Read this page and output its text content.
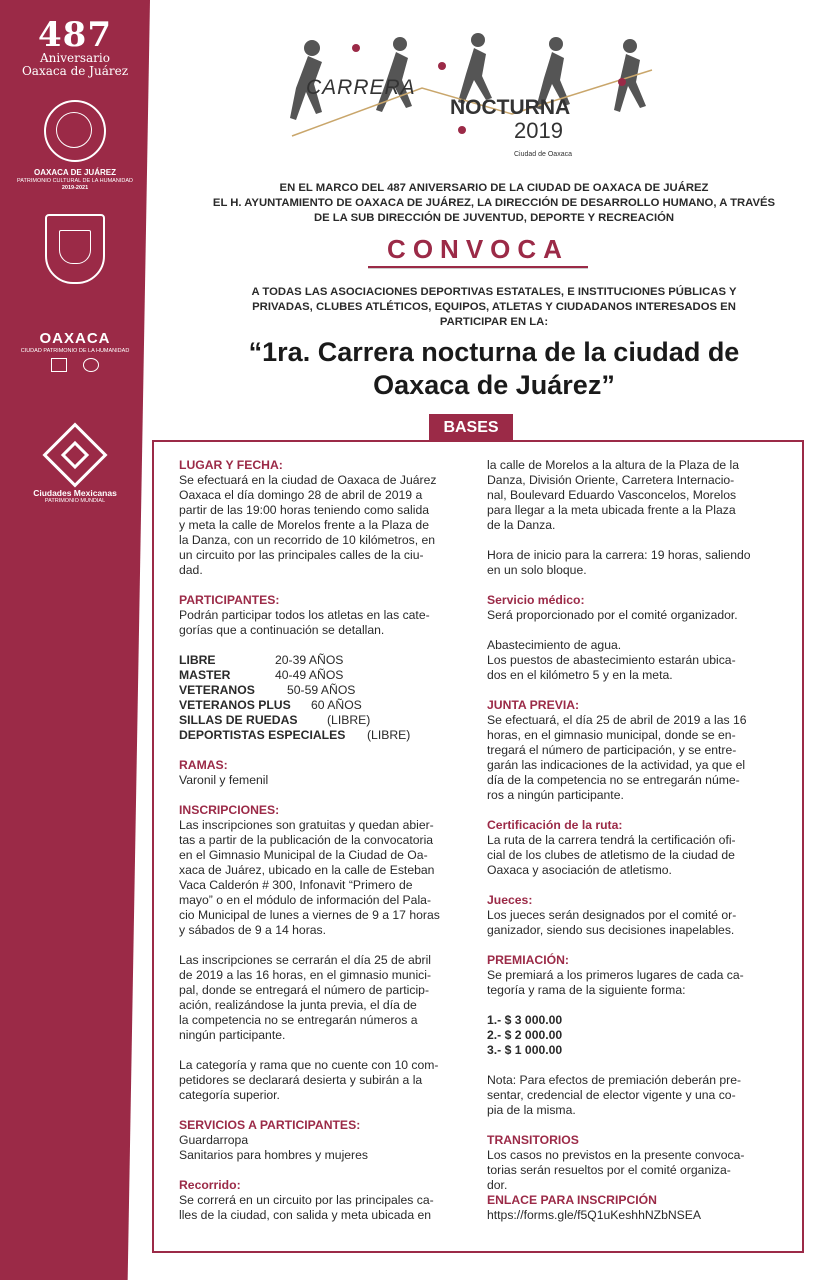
487
Aniversario
Oaxaca de Juárez
OAXACA DE JUÁREZ
PATRIMONIO CULTURAL DE LA HUMANIDAD
2019-2021
OAXACA
CIUDAD PATRIMONIO DE LA HUMANIDAD

Ciudades Mexicanas
PATRIMONIO MUNDIAL
CARRERA
NOCTURNA
2019
Ciudad de Oaxaca
EN EL MARCO DEL 487 ANIVERSARIO DE LA CIUDAD DE OAXACA DE JUÁREZ
EL H. AYUNTAMIENTO DE OAXACA DE JUÁREZ, LA DIRECCIÓN DE DESARROLLO HUMANO, A TRAVÉS
DE LA SUB DIRECCIÓN DE JUVENTUD, DEPORTE Y RECREACIÓN
CONVOCA
A TODAS LAS ASOCIACIONES DEPORTIVAS ESTATALES, E INSTITUCIONES PÚBLICAS Y
PRIVADAS, CLUBES ATLÉTICOS, EQUIPOS, ATLETAS Y CIUDADANOS INTERESADOS EN
PARTICIPAR EN LA:
“1ra. Carrera nocturna de la ciudad de
Oaxaca de Juárez”
BASES

LUGAR Y FECHA:

Se efectuará en la ciudad de Oaxaca de Juárez

Oaxaca el día domingo 28 de abril de 2019 a

partir de las 19:00 horas teniendo como salida

y meta la calle de Morelos frente a la Plaza de

la Danza, con un recorrido de 10 kilómetros, en

un circuito por las principales calles de la ciu-

dad.

PARTICIPANTES:

Podrán participar todos los atletas en las cate-

gorías que a continuación se detallan.

LIBRE	20-39 AÑOS

MASTER	40-49 AÑOS

VETERANOS	50-59 AÑOS

VETERANOS PLUS	60 AÑOS

SILLAS DE RUEDAS	(LIBRE)

DEPORTISTAS ESPECIALES	(LIBRE)

RAMAS:

Varonil y femenil

INSCRIPCIONES:

Las inscripciones son gratuitas y quedan abier-

tas a partir de la publicación de la convocatoria

en el Gimnasio Municipal de la Ciudad de Oa-

xaca de Juárez, ubicado en la calle de Esteban

Vaca Calderón # 300, Infonavit “Primero de

mayo” o en el módulo de información del Pala-

cio Municipal de lunes a viernes de 9 a 17 horas

y sábados de 9 a 14 horas.

Las inscripciones se cerrarán el día 25 de abril

de 2019 a las 16 horas, en el gimnasio munici-

pal, donde se entregará el número de particip-

ación, realizándose la junta previa, el día de

la competencia no se entregarán números a

ningún participante.

La categoría y rama que no cuente con 10 com-

petidores se declarará desierta y subirán a la

categoría superior.

SERVICIOS A PARTICIPANTES:

Guardarropa

Sanitarios para hombres y mujeres

Recorrido:

Se correrá en un circuito por las principales ca-

lles de la ciudad, con salida y meta ubicada en

la calle de Morelos a la altura de la Plaza de la

Danza, División Oriente, Carretera Internacio-

nal, Boulevard Eduardo Vasconcelos, Morelos

para llegar a la meta ubicada frente a la Plaza

de la Danza.

Hora de inicio para la carrera: 19 horas, saliendo

en un solo bloque.

Servicio médico:

Será proporcionado por el comité organizador.

Abastecimiento de agua.

Los puestos de abastecimiento estarán ubica-

dos en el kilómetro 5 y en la meta.

JUNTA PREVIA:

Se efectuará, el día 25 de abril de 2019 a las 16

horas, en el gimnasio municipal, donde se en-

tregará el número de participación, y se entre-

garán las indicaciones de la actividad, ya que el

día de la competencia no se entregarán núme-

ros a ningún participante.

Certificación de la ruta:

La ruta de la carrera tendrá la certificación ofi-

cial de los clubes de atletismo de la ciudad de

Oaxaca y asociación de atletismo.

Jueces:

Los jueces serán designados por el comité or-

ganizador, siendo sus decisiones inapelables.

PREMIACIÓN:

Se premiará a los primeros lugares de cada ca-

tegoría y rama de la siguiente forma:

1.- $ 3 000.00

2.- $ 2 000.00

3.- $ 1 000.00

Nota: Para efectos de premiación deberán pre-

sentar, credencial de elector vigente y una co-

pia de la misma.

TRANSITORIOS

Los casos no previstos en la presente convoca-

torias serán resueltos por el comité organiza-

dor.

ENLACE PARA INSCRIPCIÓN

https://forms.gle/f5Q1uKeshhNZbNSEA
